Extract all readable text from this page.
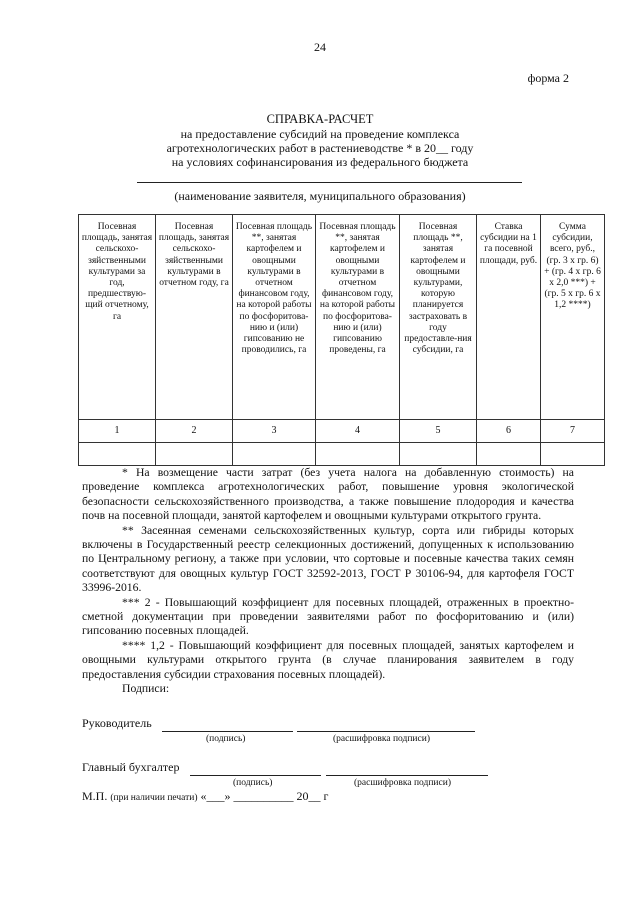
24
форма 2
СПРАВКА-РАСЧЕТ
на предоставление субсидий на проведение комплекса
агротехнологических работ в растениеводстве * в 20__ году
на условиях софинансирования из федерального бюджета
(наименование заявителя, муниципального образования)
Посевная площадь, занятая сельскохо-зяйственными культурами за год, предшествую-щий отчетному, га	Посевная площадь, занятая сельскохо-зяйственными культурами в отчетном году, га	Посевная площадь **, занятая картофелем и овощными культурами в отчетном финансовом году, на которой работы по фосфоритова-нию и (или) гипсованию не проводились, га	Посевная площадь **, занятая картофелем и овощными культурами в отчетном финансовом году, на которой работы по фосфоритова-нию и (или) гипсованию проведены, га	Посевная площадь **, занятая картофелем и овощными культурами, которую планируется застраховать в году предоставле-ния субсидии, га	Ставка субсидии на 1 га посевной площади, руб.	Сумма субсидии, всего, руб., (гр. 3 х гр. 6) + (гр. 4 х гр. 6 х 2,0 ***) + (гр. 5 х гр. 6 х 1,2 ****)
1	2	3	4	5	6	7

* На возмещение части затрат (без учета налога на добавленную стоимость) на проведение комплекса агротехнологических работ, повышение уровня экологической безопасности сельскохозяйственного производства, а также повышение плодородия и качества почв на посевной площади, занятой картофелем и овощными культурами открытого грунта.

** Засеянная семенами сельскохозяйственных культур, сорта или гибриды которых включены в Государственный реестр селекционных достижений, допущенных к использованию по Центральному региону, а также при условии, что сортовые и посевные качества таких семян соответствуют для овощных культур ГОСТ 32592-2013, ГОСТ Р 30106-94, для картофеля ГОСТ 33996-2016.

*** 2 - Повышающий коэффициент для посевных площадей, отраженных в проектно-сметной документации при проведении заявителями работ по фосфоритованию и (или) гипсованию посевных площадей.

**** 1,2 - Повышающий коэффициент для посевных площадей, занятых картофелем и овощными культурами открытого грунта (в случае планирования заявителем в году предоставления субсидии страхования посевных площадей).

Подписи:

Руководитель
(подпись)	(расшифровка подписи)
Главный бухгалтер
(подпись)	(расшифровка подписи)
М.П. (при наличии печати) «___» __________ 20__ г
